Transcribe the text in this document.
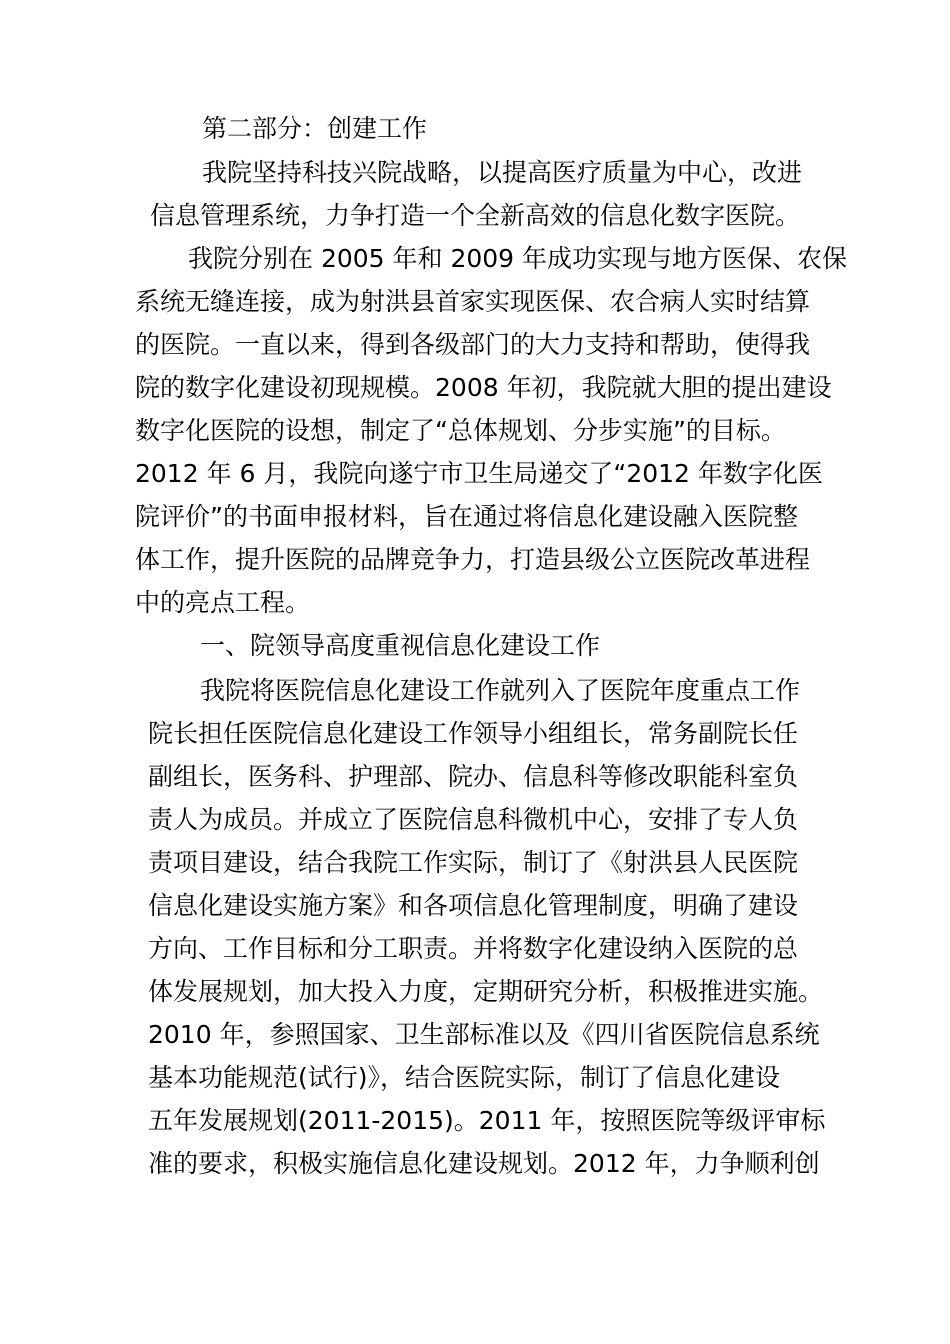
第二部分：创建工作

我院坚持科技兴院战略，以提高医疗质量为中心，改进

信息管理系统，力争打造一个全新高效的信息化数字医院。

我院分别在 2005 年和 2009 年成功实现与地方医保、农保

系统无缝连接，成为射洪县首家实现医保、农合病人实时结算

的医院。一直以来，得到各级部门的大力支持和帮助，使得我

院的数字化建设初现规模。2008 年初，我院就大胆的提出建设

数字化医院的设想，制定了“总体规划、分步实施”的目标。

2012 年 6 月，我院向遂宁市卫生局递交了“2012 年数字化医

院评价”的书面申报材料，旨在通过将信息化建设融入医院整

体工作，提升医院的品牌竞争力，打造县级公立医院改革进程

中的亮点工程。

一、院领导高度重视信息化建设工作

我院将医院信息化建设工作就列入了医院年度重点工作

院长担任医院信息化建设工作领导小组组长，常务副院长任

副组长，医务科、护理部、院办、信息科等修改职能科室负

责人为成员。并成立了医院信息科微机中心，安排了专人负

责项目建设，结合我院工作实际，制订了《射洪县人民医院

信息化建设实施方案》和各项信息化管理制度，明确了建设

方向、工作目标和分工职责。并将数字化建设纳入医院的总

体发展规划，加大投入力度，定期研究分析，积极推进实施。

2010 年，参照国家、卫生部标准以及《四川省医院信息系统

基本功能规范(试行)》，结合医院实际，制订了信息化建设

五年发展规划(2011-2015)。2011 年，按照医院等级评审标

准的要求，积极实施信息化建设规划。2012 年，力争顺利创
